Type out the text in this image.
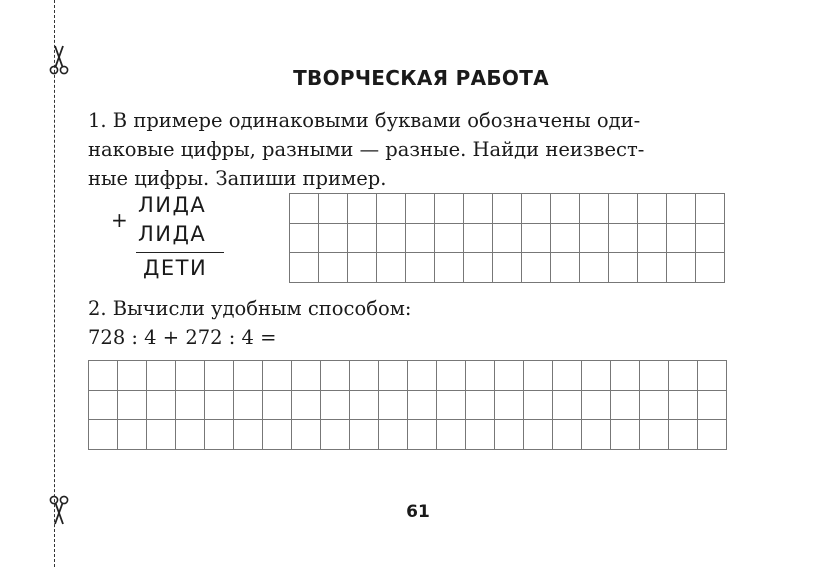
ТВОРЧЕСКАЯ РАБОТА
1. В примере одинаковыми буквами обозначены оди-
наковые цифры, разными — разные. Найди неизвест-
ные цифры. Запиши пример.
+
ЛИДА
ЛИДА
ДЕТИ
2. Вычисли удобным способом:
728 : 4 + 272 : 4 =
61
